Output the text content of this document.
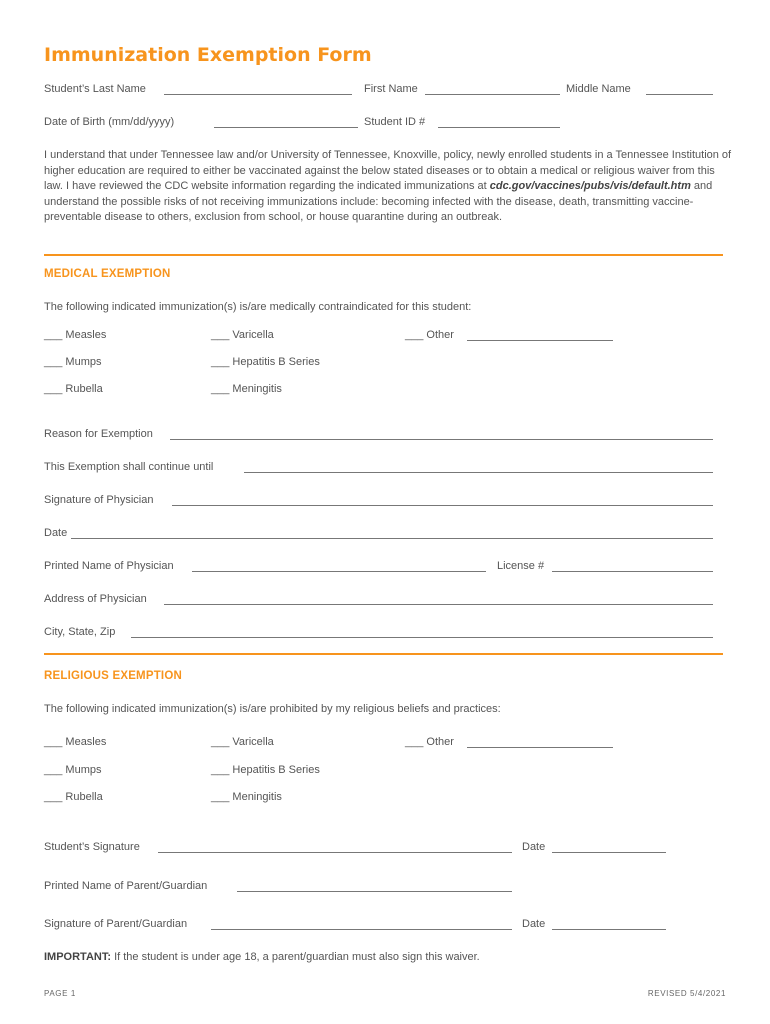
Immunization Exemption Form
Student’s Last Name	First Name	Middle Name
Date of Birth (mm/dd/yyyy)	Student ID #
I understand that under Tennessee law and/or University of Tennessee, Knoxville, policy, newly enrolled students in a Tennessee Institution of higher education are required to either be vaccinated against the below stated diseases or to obtain a medical or religious waiver from this law. I have reviewed the CDC website information regarding the indicated immunizations at cdc.gov/vaccines/pubs/vis/default.htm and understand the possible risks of not receiving immunizations include: becoming infected with the disease, death, transmitting vaccine-preventable disease to others, exclusion from school, or house quarantine during an outbreak.
MEDICAL EXEMPTION
The following indicated immunization(s) is/are medically contraindicated for this student:
___ Measles	___ Varicella	___ Other
___ Mumps	___ Hepatitis B Series
___ Rubella	___ Meningitis
Reason for Exemption
This Exemption shall continue until
Signature of Physician
Date
Printed Name of Physician	License #
Address of Physician
City, State, Zip
RELIGIOUS EXEMPTION
The following indicated immunization(s) is/are prohibited by my religious beliefs and practices:
___ Measles	___ Varicella	___ Other
___ Mumps	___ Hepatitis B Series
___ Rubella	___ Meningitis
Student’s Signature	Date
Printed Name of Parent/Guardian
Signature of Parent/Guardian	Date
IMPORTANT: If the student is under age 18, a parent/guardian must also sign this waiver.
PAGE 1	REVISED 5/4/2021
